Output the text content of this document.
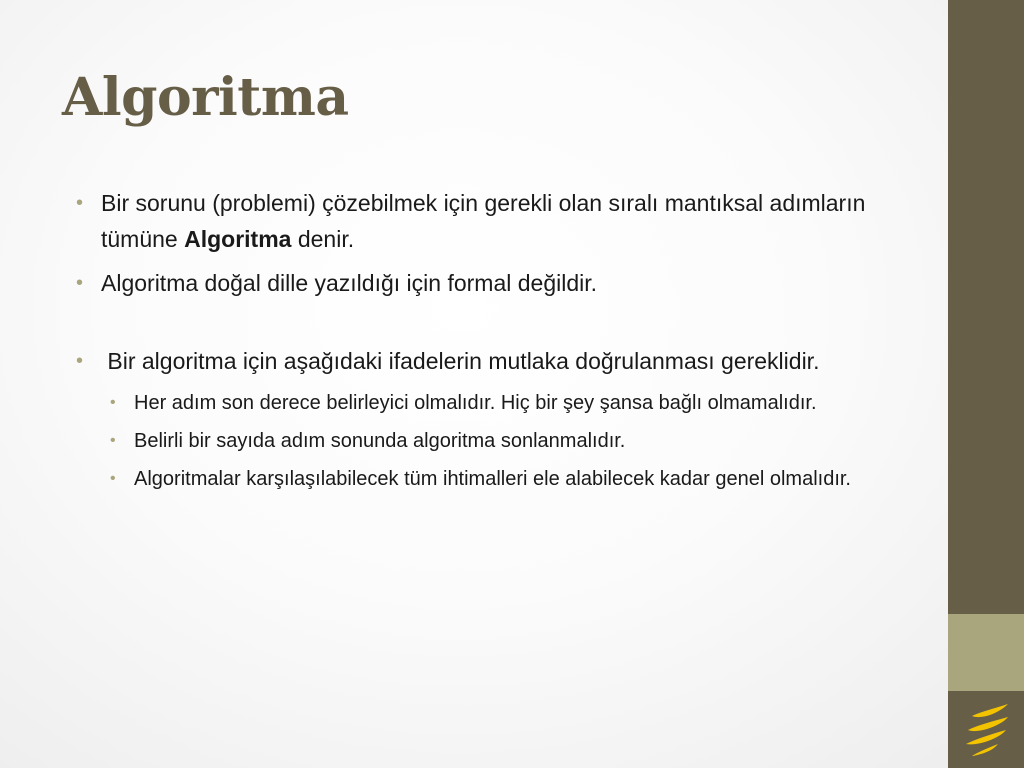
Algoritma
• Bir sorunu (problemi) çözebilmek için gerekli olan sıralı mantıksal adımların tümüne Algoritma denir.
• Algoritma doğal dille yazıldığı için formal değildir.
• Bir algoritma için aşağıdaki ifadelerin mutlaka doğrulanması gereklidir.
• Her adım son derece belirleyici olmalıdır. Hiç bir şey şansa bağlı olmamalıdır.
• Belirli bir sayıda adım sonunda algoritma sonlanmalıdır.
• Algoritmalar karşılaşılabilecek tüm ihtimalleri ele alabilecek kadar genel olmalıdır.
